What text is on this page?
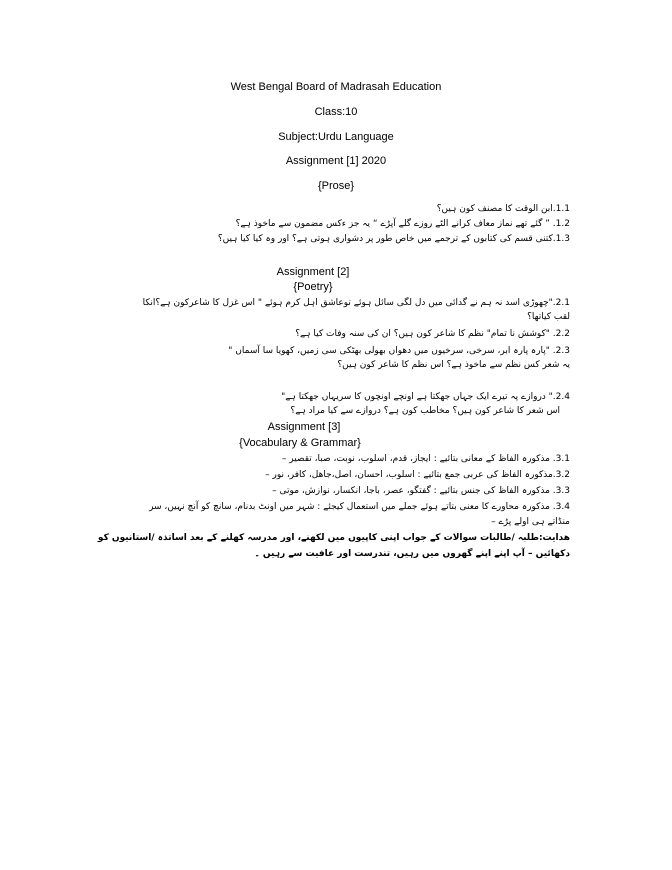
West Bengal Board of Madrasah Education
Class:10
Subject:Urdu Language
Assignment [1] 2020
{Prose}
1.1.ابن الوقت کا مصنف کون ہیں؟
1.2. ” گئے تھے نماز معاف کرانے الٹے روزے گلے آپڑے “ یہ جز ءکس مضمون سے ماخوذ ہے؟
1.3.کتنی قسم کی کتابوں کے ترجمے میں خاص طور پر دشواری ہوتی ہے؟ اور وہ کیا کیا ہیں؟
Assignment [2]
{Poetry}
2.1."چھوڑی اسد نہ ہم نے گدائی میں دل لگی سائل ہوئے توعاشق اہل کرم ہوئے " اس غزل کا شاعرکون ہے؟انکا
لقب کیاتھا؟
2.2. "کوشش نا تمام" نظم کا شاعر کون ہیں؟ ان کی سنہ وفات کیا ہے؟
2.3. "پارہ پارہ ابر، سرخی، سرخیوں میں دھواں بھولی بھٹکی سی زمیں، کھویا سا آسماں "
یہ شعر کس نظم سے ماخوذ ہے؟ اس نظم کا شاعر کون ہیں؟
2.4." دروازے پہ تیرے ایک جہاں جھکتا ہے اونچے اونچوں کا سریہاں جھکتا ہے"
اس شعر کا شاعر کون ہیں؟ مخاطب کون ہے؟ دروازے سے کیا مراد ہے؟
Assignment [3]
{Vocabulary & Grammar}
3.1. مذکورہ الفاظ کے معانی بتائیے : ایجاز، قدم، اسلوب، نوبت، صبا، تقصیر –
3.2.مذکورہ الفاظ کی عربی جمع بتائیے : اسلوب، احسان، اصل،جاھل، کافر، نور –
3.3. مذکورہ الفاظ کی جنس بتائیے : گفتگو، عصر، باجا، انکسار، نوازش، موتی –
3.4. مذکورہ محاورے کا معنی بتاتے ہوئے جملے میں استعمال کیجئے : شہر میں اونٹ بدنام، سانچ کو آنچ نہیں، سر
منڈاتے ہی اولے پڑے –
ھدایت:طلبہ /طالبات سوالات کے جواب اپنی کاپیوں میں لکھنے، اور مدرسہ کھلنے کے بعد اساتذہ /استانیوں کو
دکھائیں – آپ اپنے اپنے گھروں میں رہیں، تندرست اور عافیت سے رہیں ۔
